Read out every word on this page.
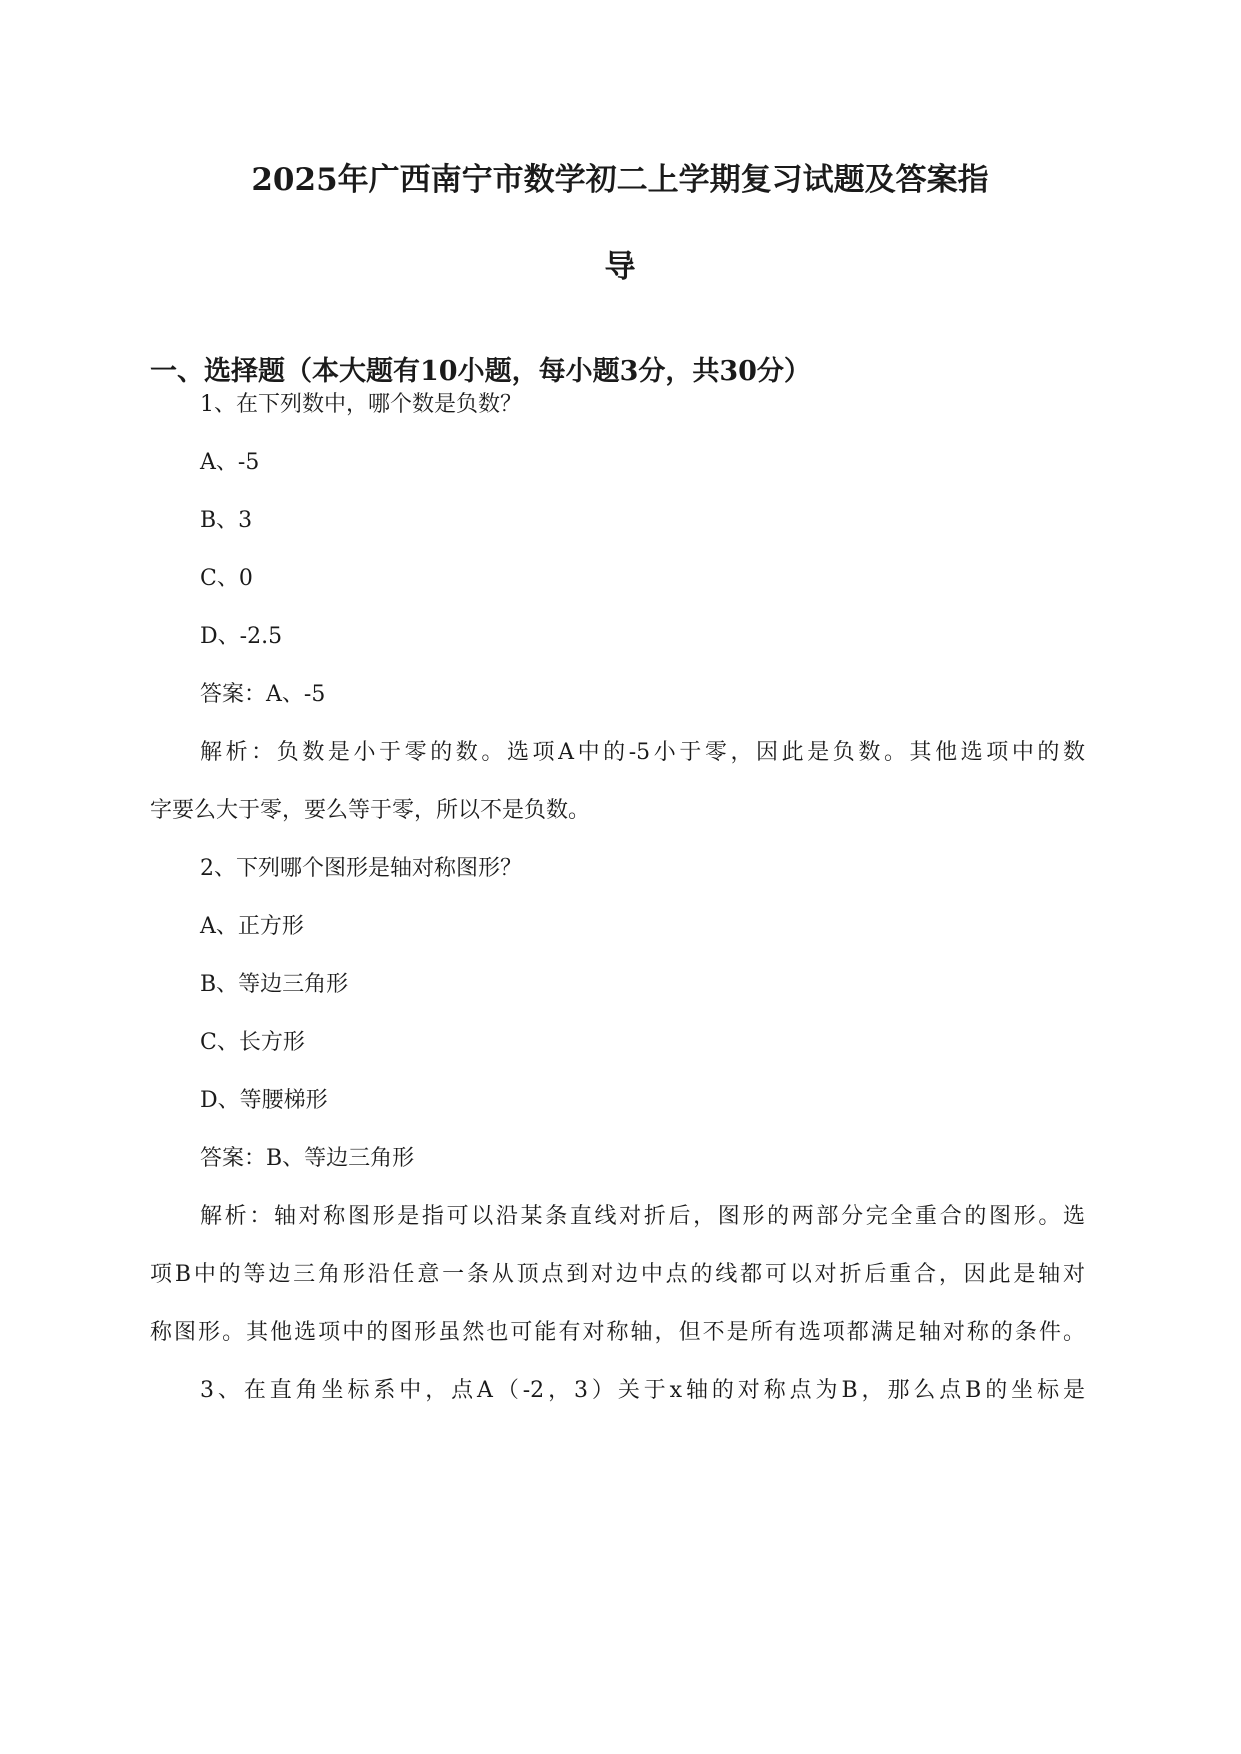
2025年广西南宁市数学初二上学期复习试题及答案指
导
一、选择题（本大题有10小题，每小题3分，共30分）

1、在下列数中，哪个数是负数？

A、-5

B、3

C、0

D、-2.5

答案：A、-5

解析：负数是小于零的数。选项A中的-5小于零，因此是负数。其他选项中的数

字要么大于零，要么等于零，所以不是负数。

2、下列哪个图形是轴对称图形？

A、正方形

B、等边三角形

C、长方形

D、等腰梯形

答案：B、等边三角形

解析：轴对称图形是指可以沿某条直线对折后，图形的两部分完全重合的图形。选

项B中的等边三角形沿任意一条从顶点到对边中点的线都可以对折后重合，因此是轴对

称图形。其他选项中的图形虽然也可能有对称轴，但不是所有选项都满足轴对称的条件。

3、在直角坐标系中，点A（-2，3）关于x轴的对称点为B，那么点B的坐标是
